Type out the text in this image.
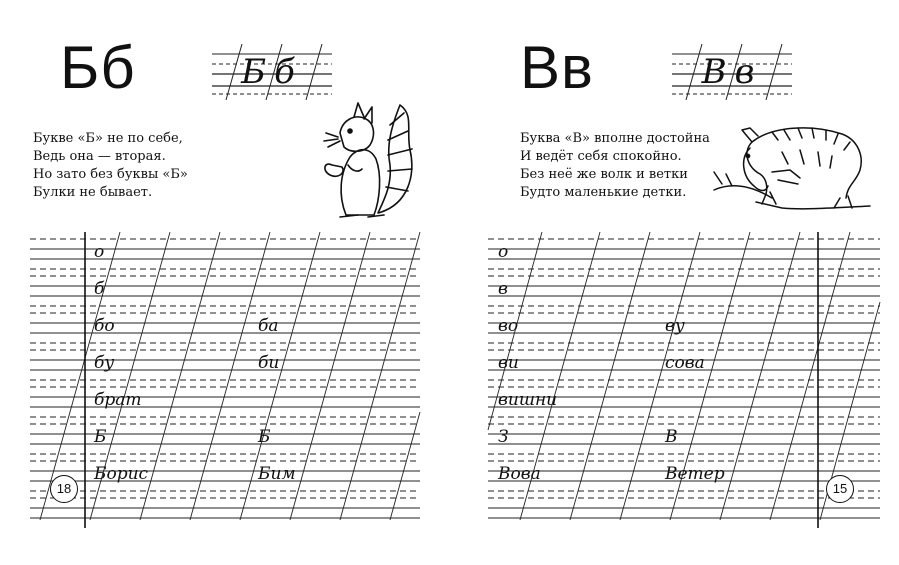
Бб	Бб
Букве «Б» не по себе,
Ведь она — вторая.
Но зато без буквы «Б»
Булки не бывает.
о
б
бо	ба
бу	би
брат
Б	Б
Борис	Бим
18
Вв	Вв
Буква «В» вполне достойна
И ведёт себя спокойно.
Без неё же волк и ветки
Будто маленькие детки.
о
в
во	ву
ви	сова
вишни
З	В
Вова	Ветер
15
